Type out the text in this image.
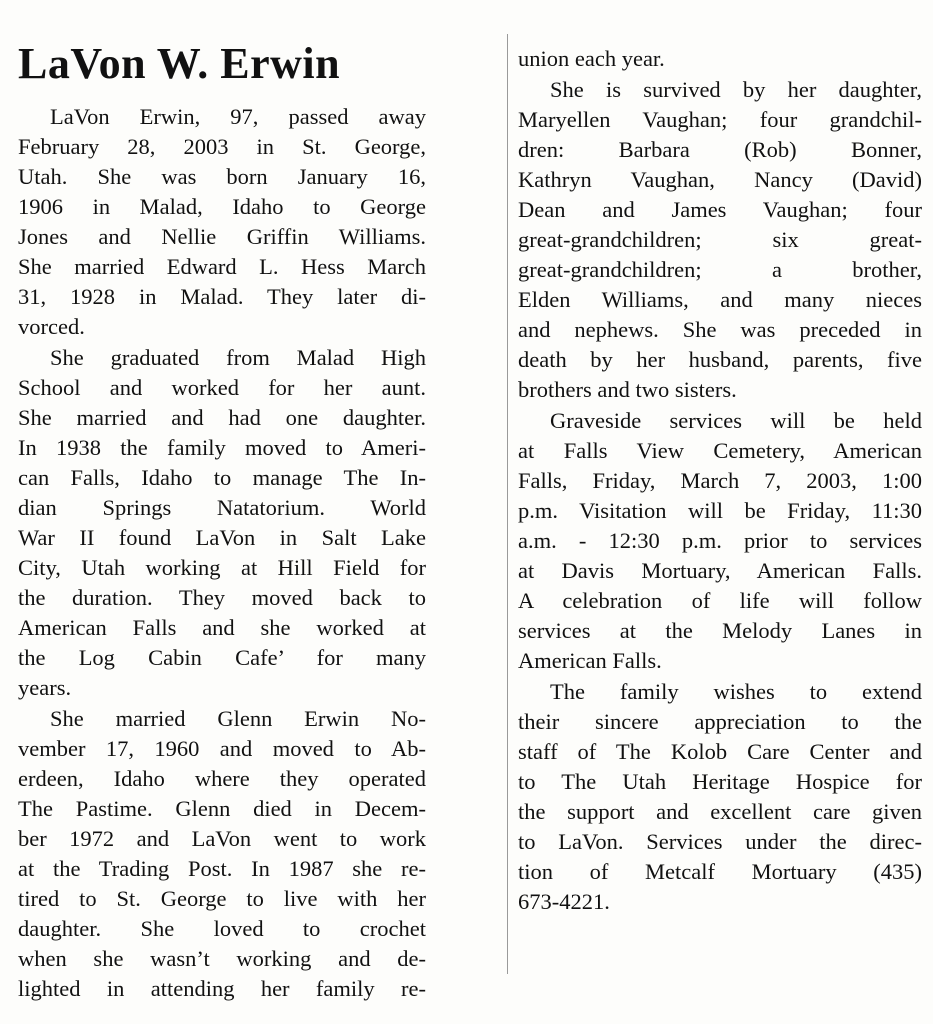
LaVon W. Erwin
LaVon Erwin, 97, passed away
February 28, 2003 in St. George,
Utah. She was born January 16,
1906 in Malad, Idaho to George
Jones and Nellie Griffin Williams.
She married Edward L. Hess March
31, 1928 in Malad. They later di-
vorced.
She graduated from Malad High
School and worked for her aunt.
She married and had one daughter.
In 1938 the family moved to Ameri-
can Falls, Idaho to manage The In-
dian Springs Natatorium. World
War II found LaVon in Salt Lake
City, Utah working at Hill Field for
the duration. They moved back to
American Falls and she worked at
the Log Cabin Cafe’ for many
years.
She married Glenn Erwin No-
vember 17, 1960 and moved to Ab-
erdeen, Idaho where they operated
The Pastime. Glenn died in Decem-
ber 1972 and LaVon went to work
at the Trading Post. In 1987 she re-
tired to St. George to live with her
daughter. She loved to crochet
when she wasn’t working and de-
lighted in attending her family re-
union each year.
She is survived by her daughter,
Maryellen Vaughan; four grandchil-
dren: Barbara (Rob) Bonner,
Kathryn Vaughan, Nancy (David)
Dean and James Vaughan; four
great-grandchildren; six great-
great-grandchildren; a brother,
Elden Williams, and many nieces
and nephews. She was preceded in
death by her husband, parents, five
brothers and two sisters.
Graveside services will be held
at Falls View Cemetery, American
Falls, Friday, March 7, 2003, 1:00
p.m. Visitation will be Friday, 11:30
a.m. - 12:30 p.m. prior to services
at Davis Mortuary, American Falls.
A celebration of life will follow
services at the Melody Lanes in
American Falls.
The family wishes to extend
their sincere appreciation to the
staff of The Kolob Care Center and
to The Utah Heritage Hospice for
the support and excellent care given
to LaVon. Services under the direc-
tion of Metcalf Mortuary (435)
673-4221.
